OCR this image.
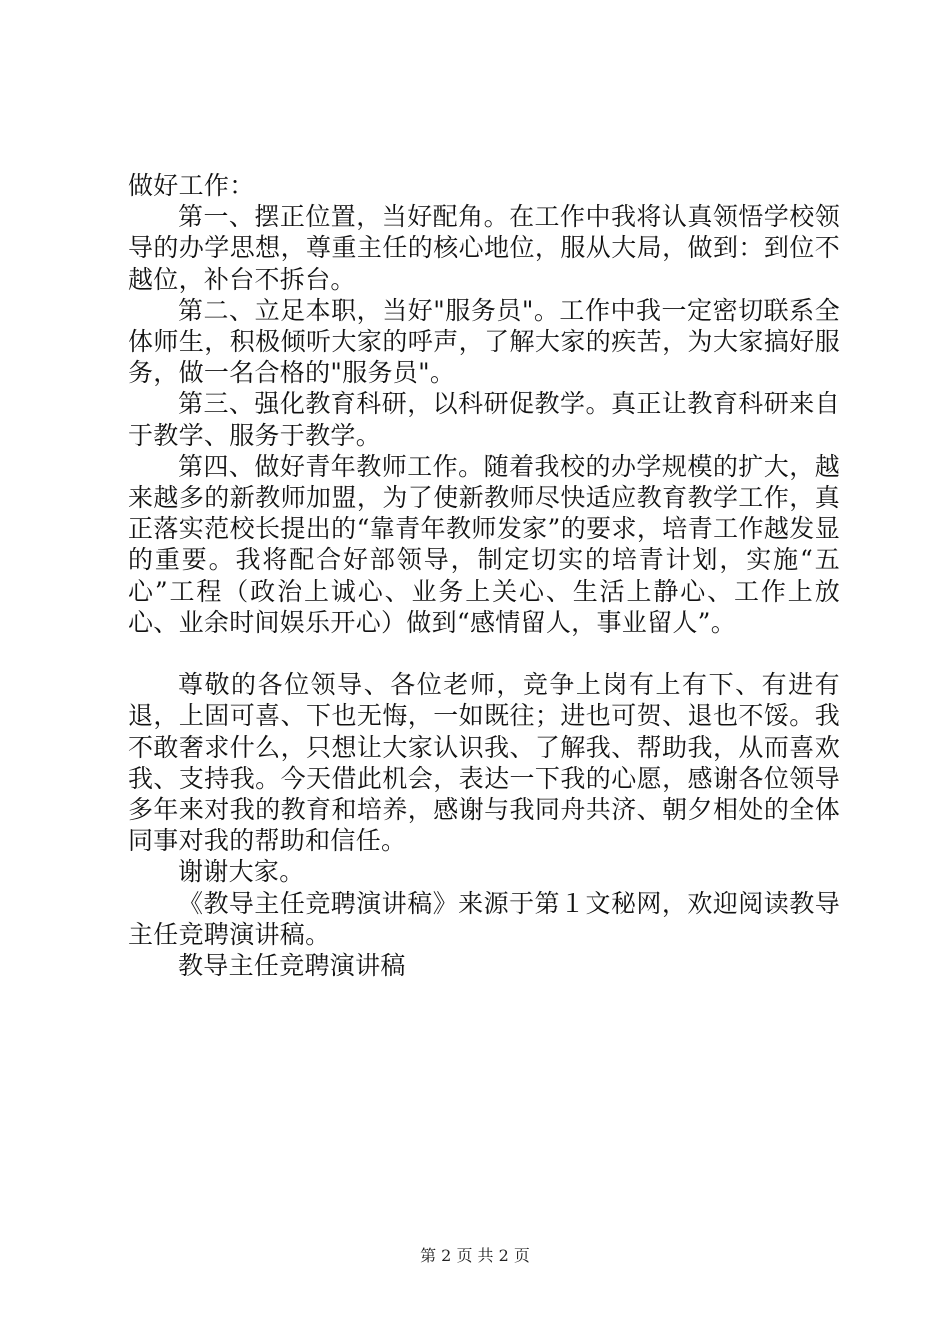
做好工作：

第一、摆正位置，当好配角。在工作中我将认真领悟学校领导的办学思想，尊重主任的核心地位，服从大局，做到：到位不越位，补台不拆台。

第二、立足本职，当好"服务员"。工作中我一定密切联系全体师生，积极倾听大家的呼声，了解大家的疾苦，为大家搞好服务，做一名合格的"服务员"。

第三、强化教育科研，以科研促教学。真正让教育科研来自于教学、服务于教学。

第四、做好青年教师工作。随着我校的办学规模的扩大，越来越多的新教师加盟，为了使新教师尽快适应教育教学工作，真正落实范校长提出的“靠青年教师发家”的要求，培青工作越发显的重要。我将配合好部领导，制定切实的培青计划，实施“五心”工程（政治上诚心、业务上关心、生活上静心、工作上放心、业余时间娱乐开心）做到“感情留人，事业留人”。

尊敬的各位领导、各位老师，竞争上岗有上有下、有进有退，上固可喜、下也无悔，一如既往；进也可贺、退也不馁。我不敢奢求什么，只想让大家认识我、了解我、帮助我，从而喜欢我、支持我。今天借此机会，表达一下我的心愿，感谢各位领导多年来对我的教育和培养，感谢与我同舟共济、朝夕相处的全体同事对我的帮助和信任。

谢谢大家。

《教导主任竞聘演讲稿》来源于第１文秘网，欢迎阅读教导主任竞聘演讲稿。

教导主任竞聘演讲稿

第 2 页 共 2 页
